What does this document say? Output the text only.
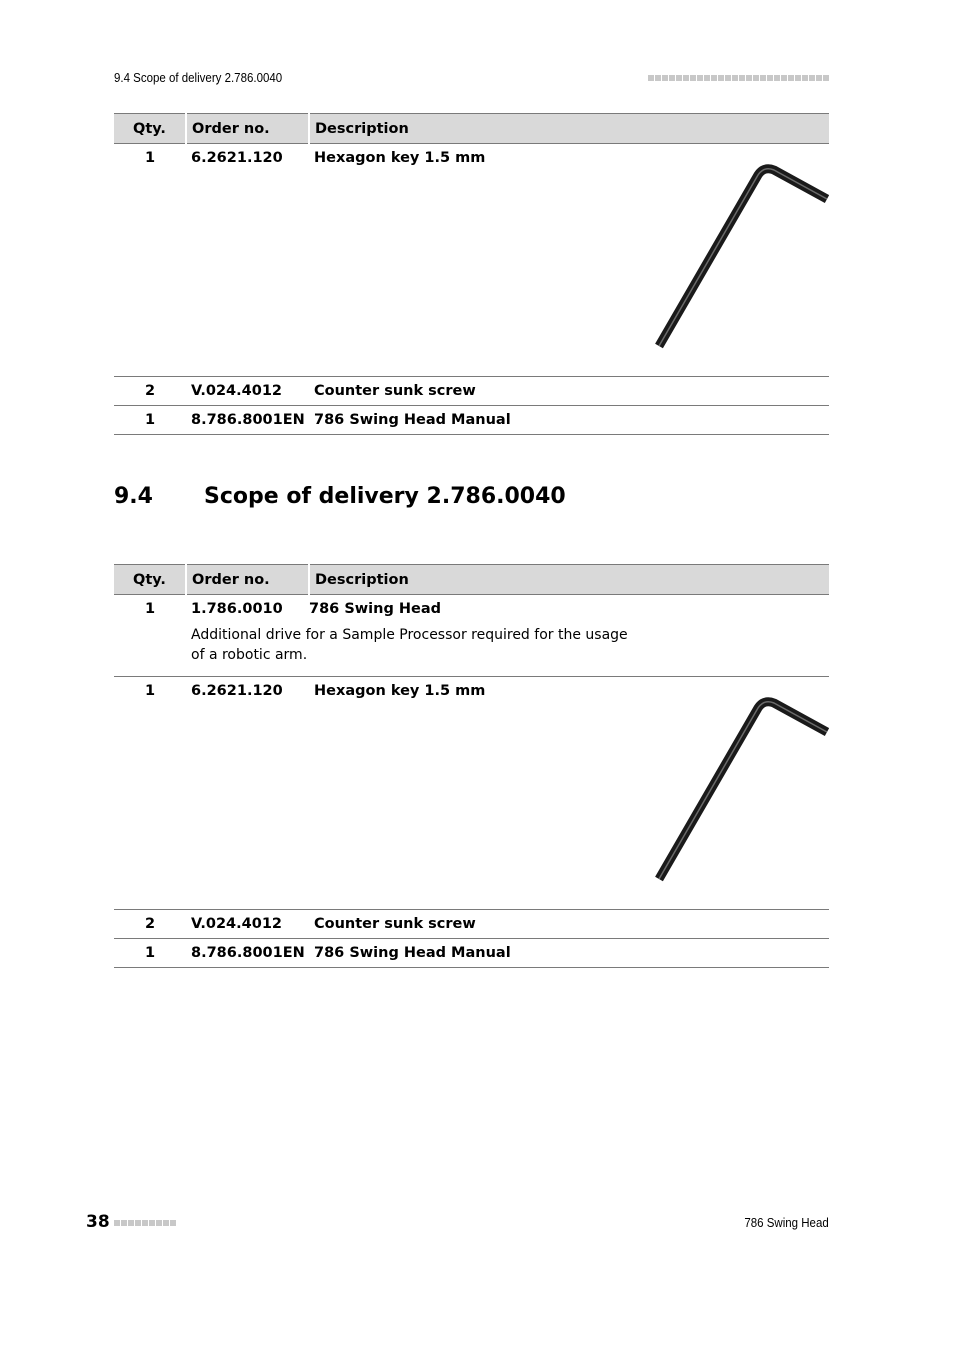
9.4 Scope of delivery 2.786.0040
Qty.	Order no.	Description
1	6.2621.120	Hexagon key 1.5 mm

2	V.024.4012	Counter sunk screw
1	8.786.8001EN	786 Swing Head Manual
9.4	Scope of delivery 2.786.0040
Qty.	Order no.	Description
1	1.786.0010 786 Swing Head
Additional drive for a Sample Processor required for the usage of a robotic arm.	

1	6.2621.120	Hexagon key 1.5 mm

2	V.024.4012	Counter sunk screw
1	8.786.8001EN	786 Swing Head Manual
38	786 Swing Head
